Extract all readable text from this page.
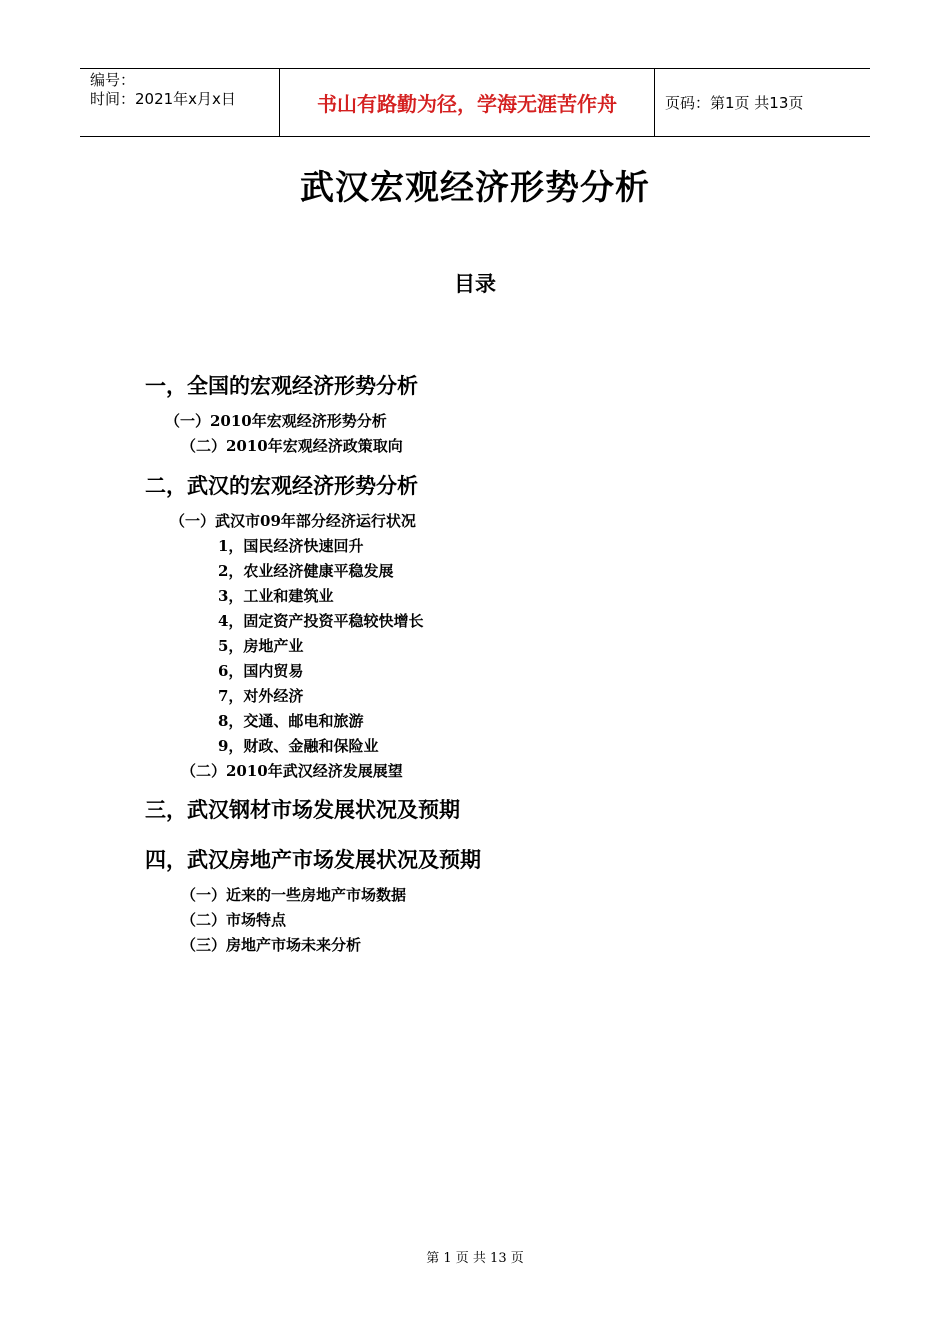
编号：
时间：2021年x月x日	书山有路勤为径，学海无涯苦作舟	页码：第1页 共13页
武汉宏观经济形势分析
目录
一，全国的宏观经济形势分析
（一）2010年宏观经济形势分析
（二）2010年宏观经济政策取向
二，武汉的宏观经济形势分析
（一）武汉市09年部分经济运行状况
1，国民经济快速回升
2，农业经济健康平稳发展
3，工业和建筑业
4，固定资产投资平稳较快增长
5，房地产业
6，国内贸易
7，对外经济
8，交通、邮电和旅游
9，财政、金融和保险业
（二）2010年武汉经济发展展望
三，武汉钢材市场发展状况及预期
四，武汉房地产市场发展状况及预期
（一）近来的一些房地产市场数据
（二）市场特点
（三）房地产市场未来分析
第 1 页 共 13 页
